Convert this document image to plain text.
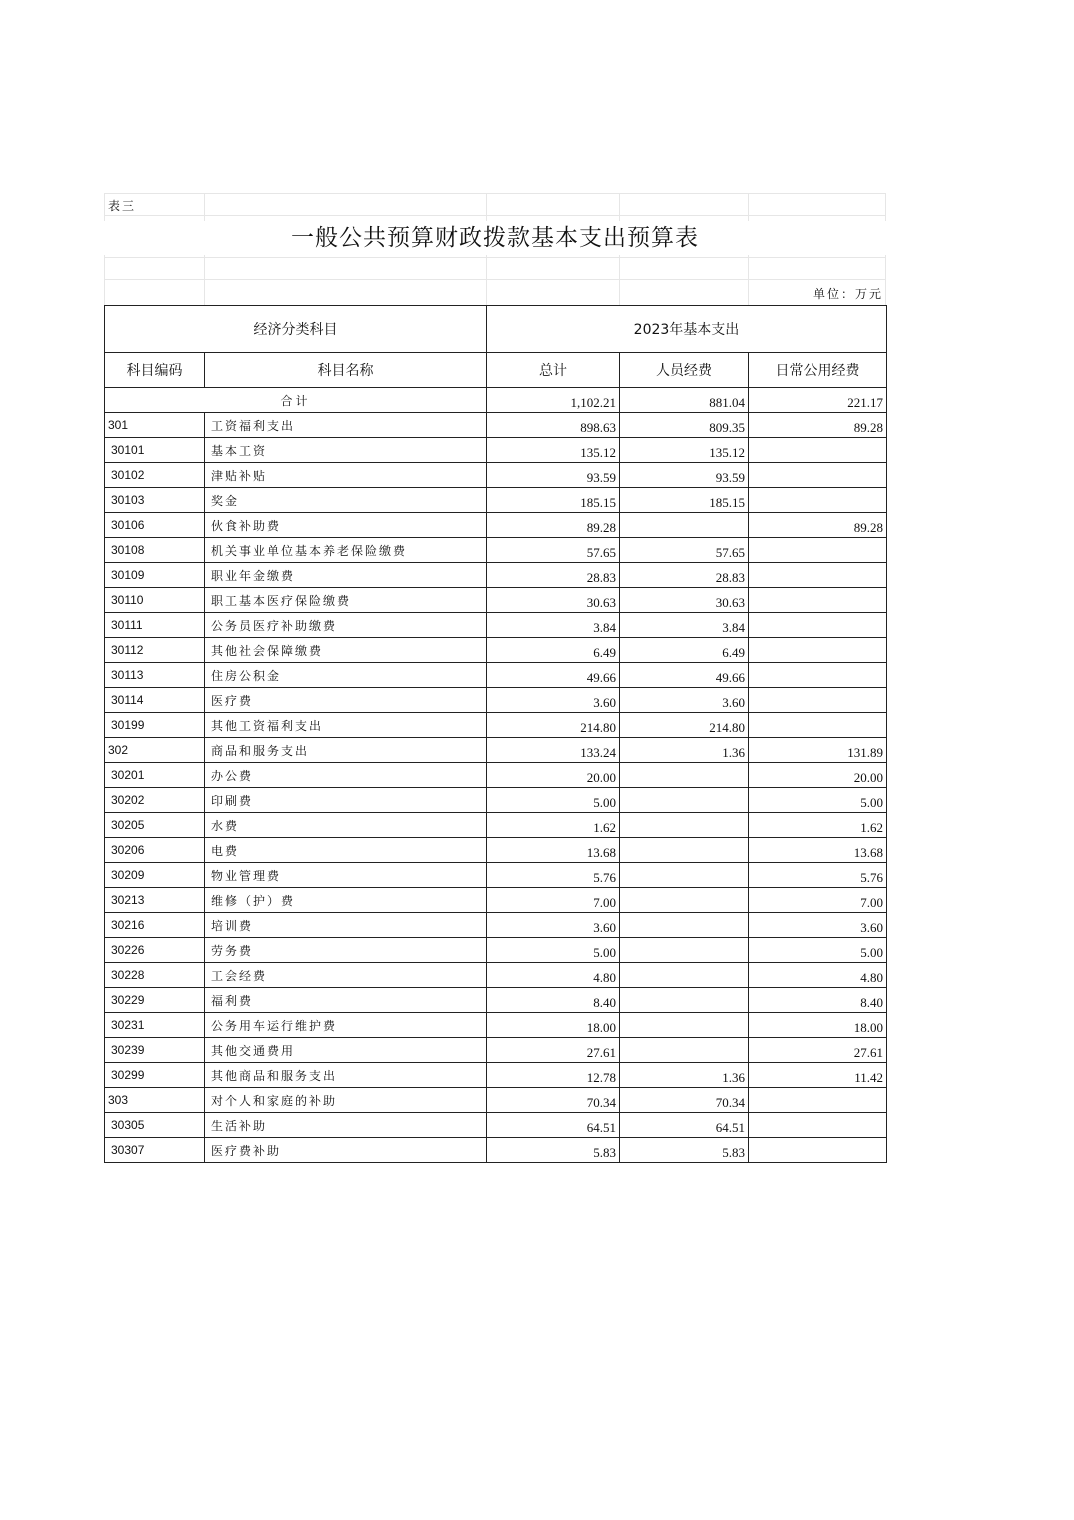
表三
一般公共预算财政拨款基本支出预算表
单位：万元
经济分类科目		2023年基本支出		
科目编码	科目名称	总计	人员经费	日常公用经费
合计		1,102.21	881.04	221.17
301	工资福利支出	898.63	809.35	89.28
30101	基本工资	135.12	135.12	
30102	津贴补贴	93.59	93.59	
30103	奖金	185.15	185.15	
30106	伙食补助费	89.28		89.28
30108	机关事业单位基本养老保险缴费	57.65	57.65	
30109	职业年金缴费	28.83	28.83	
30110	职工基本医疗保险缴费	30.63	30.63	
30111	公务员医疗补助缴费	3.84	3.84	
30112	其他社会保障缴费	6.49	6.49	
30113	住房公积金	49.66	49.66	
30114	医疗费	3.60	3.60	
30199	其他工资福利支出	214.80	214.80	
302	商品和服务支出	133.24	1.36	131.89
30201	办公费	20.00		20.00
30202	印刷费	5.00		5.00
30205	水费	1.62		1.62
30206	电费	13.68		13.68
30209	物业管理费	5.76		5.76
30213	维修（护）费	7.00		7.00
30216	培训费	3.60		3.60
30226	劳务费	5.00		5.00
30228	工会经费	4.80		4.80
30229	福利费	8.40		8.40
30231	公务用车运行维护费	18.00		18.00
30239	其他交通费用	27.61		27.61
30299	其他商品和服务支出	12.78	1.36	11.42
303	对个人和家庭的补助	70.34	70.34	
30305	生活补助	64.51	64.51	
30307	医疗费补助	5.83	5.83	
